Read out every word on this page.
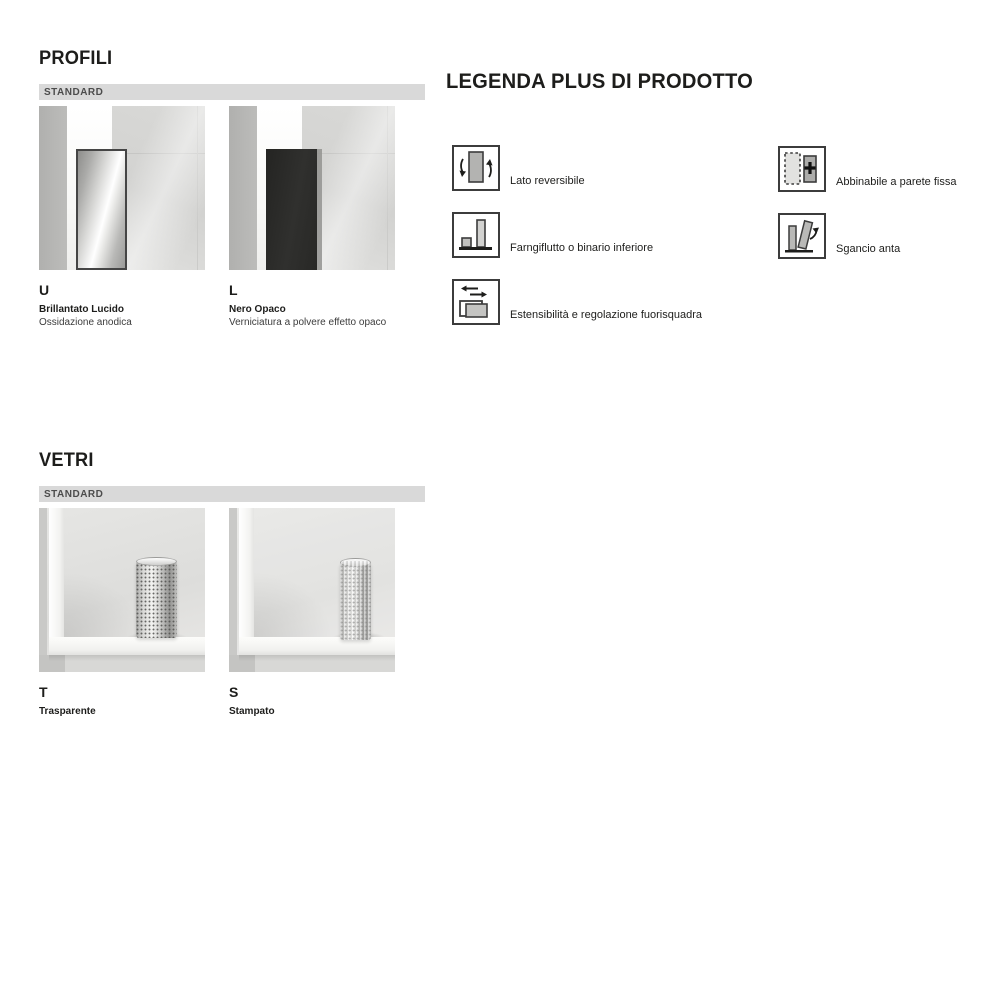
PROFILI
STANDARD
U
Brillantato Lucido
Ossidazione anodica
L
Nero Opaco
Verniciatura a polvere effetto opaco
LEGENDA PLUS DI PRODOTTO
Lato reversibile
Farngiflutto o binario inferiore
Estensibilità e regolazione fuorisquadra
Abbinabile a parete fissa
Sgancio anta
VETRI
STANDARD
T
Trasparente
S
Stampato
